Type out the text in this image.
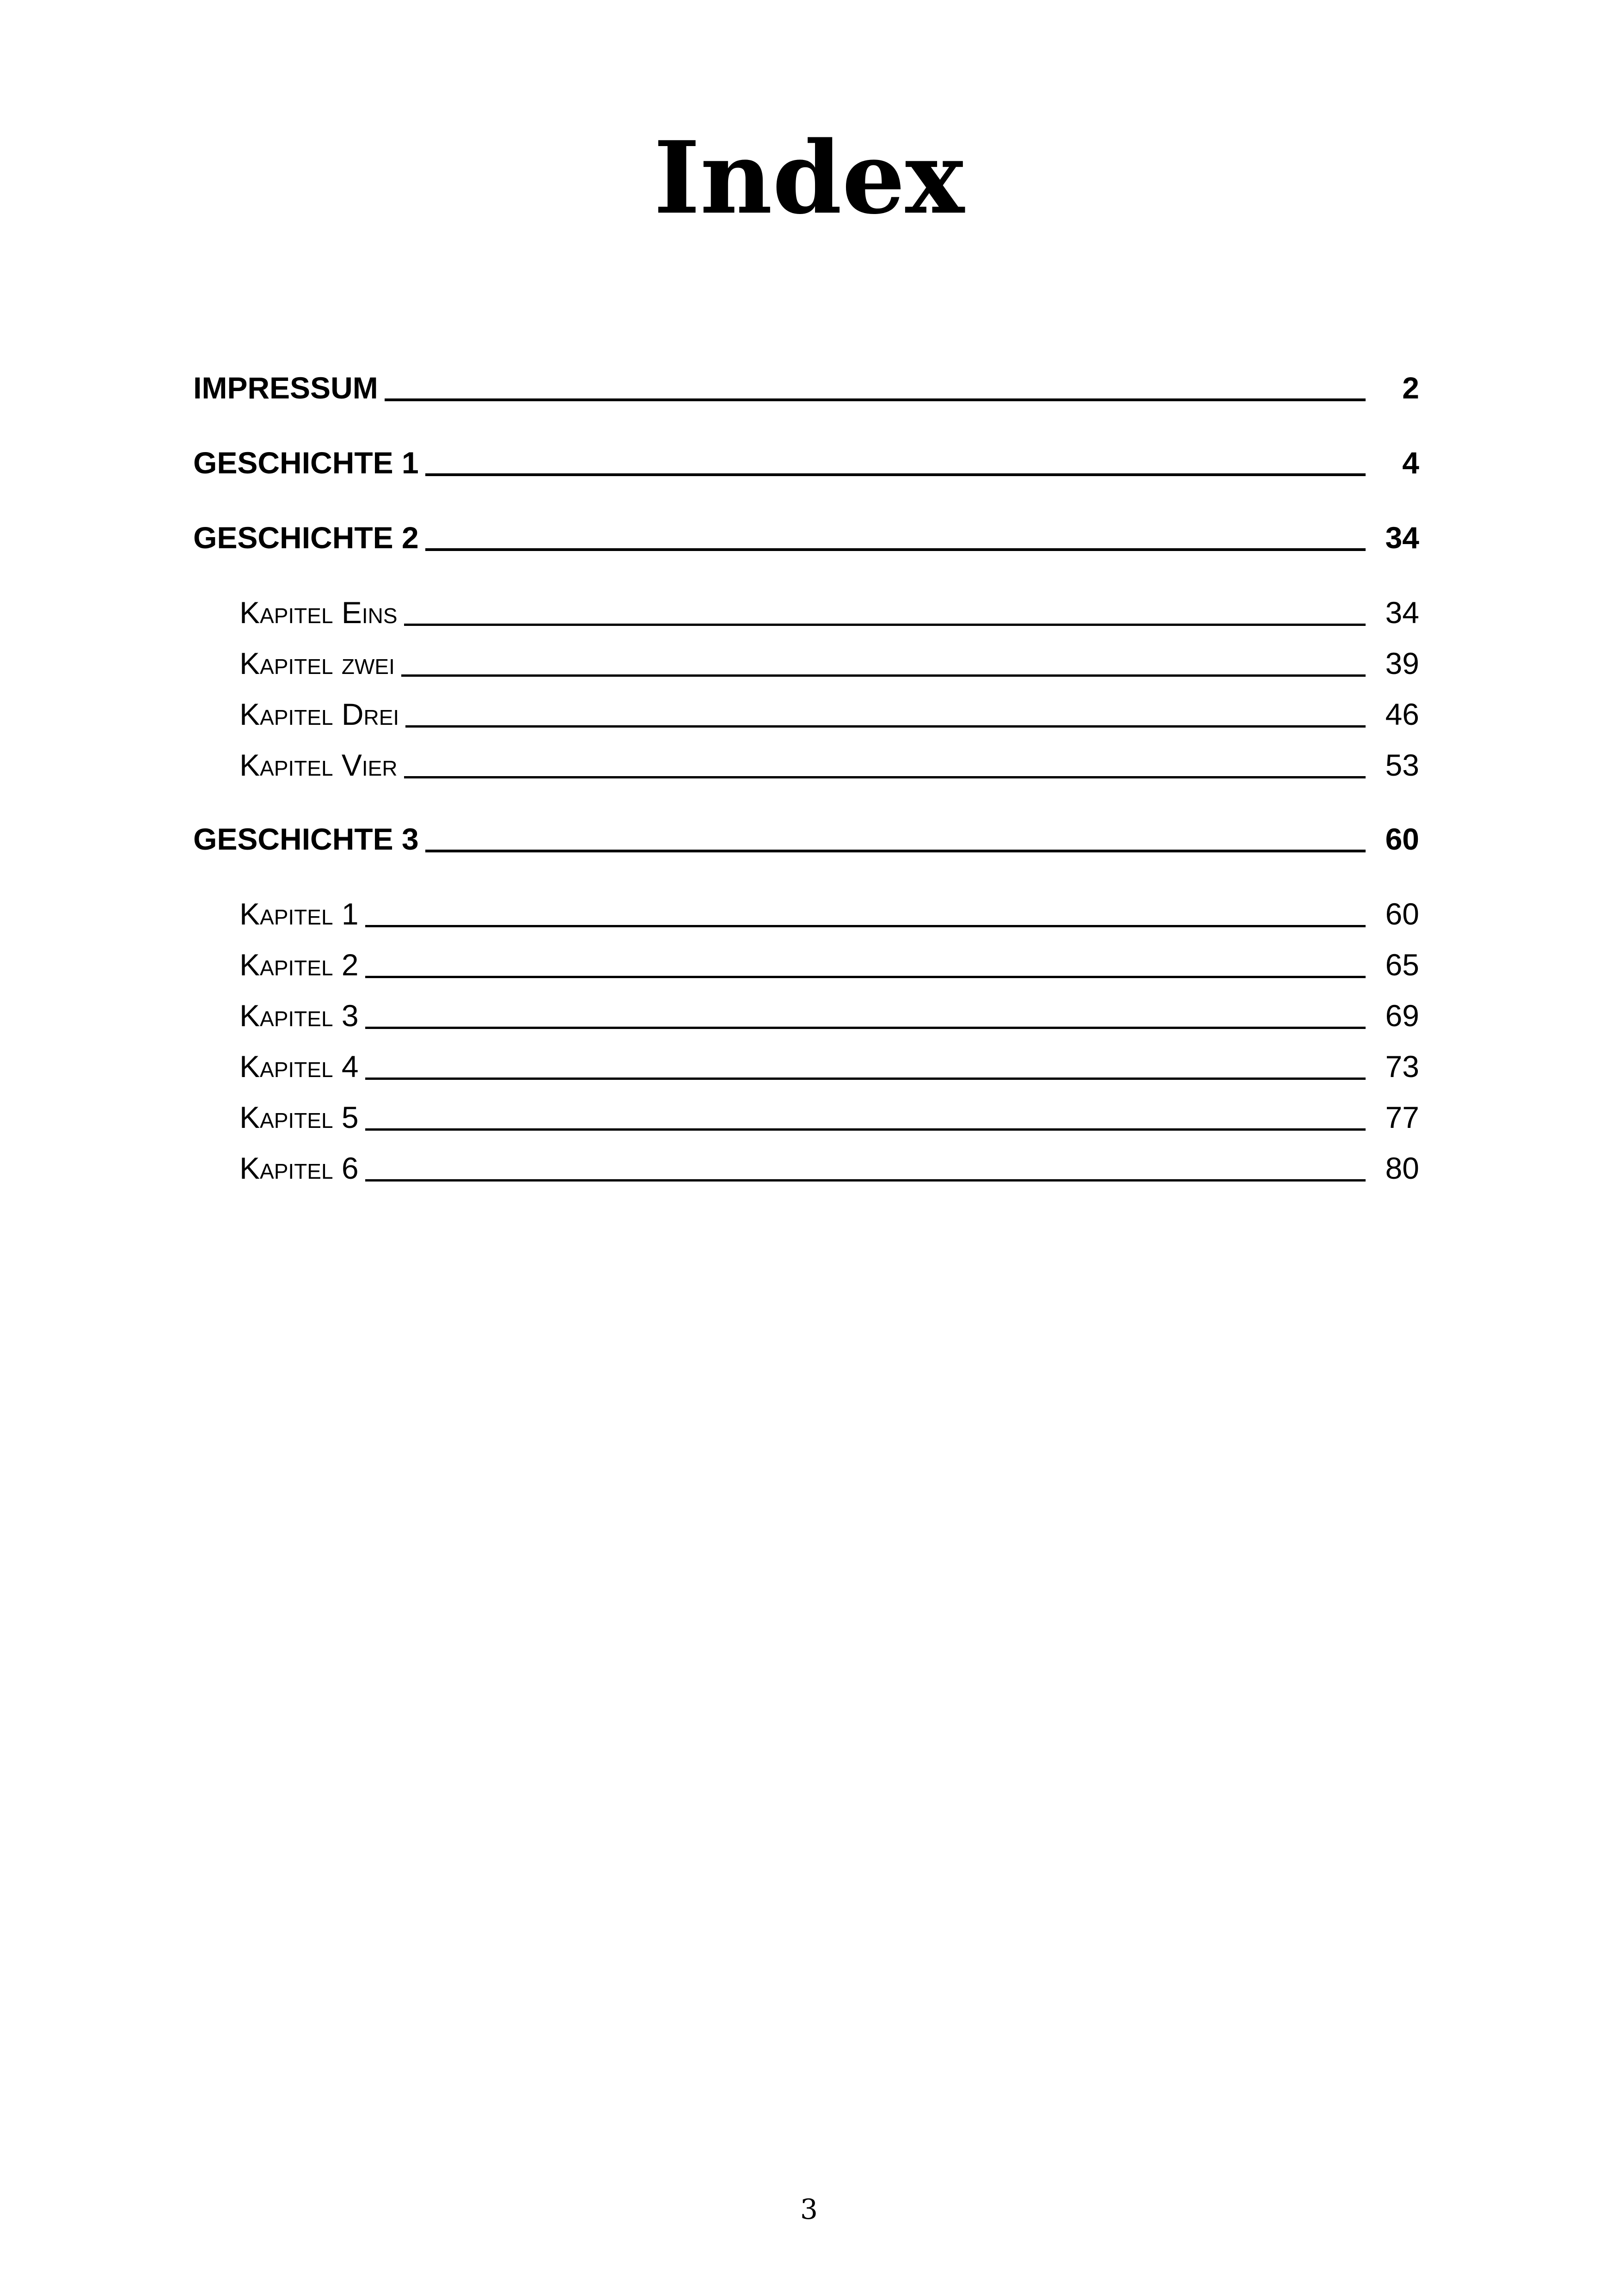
Index
IMPRESSUM	2
GESCHICHTE 1	4
GESCHICHTE 2	34
Kapitel Eins	34
Kapitel zwei	39
Kapitel Drei	46
Kapitel Vier	53
GESCHICHTE 3	60
Kapitel 1	60
Kapitel 2	65
Kapitel 3	69
Kapitel 4	73
Kapitel 5	77
Kapitel 6	80
3
